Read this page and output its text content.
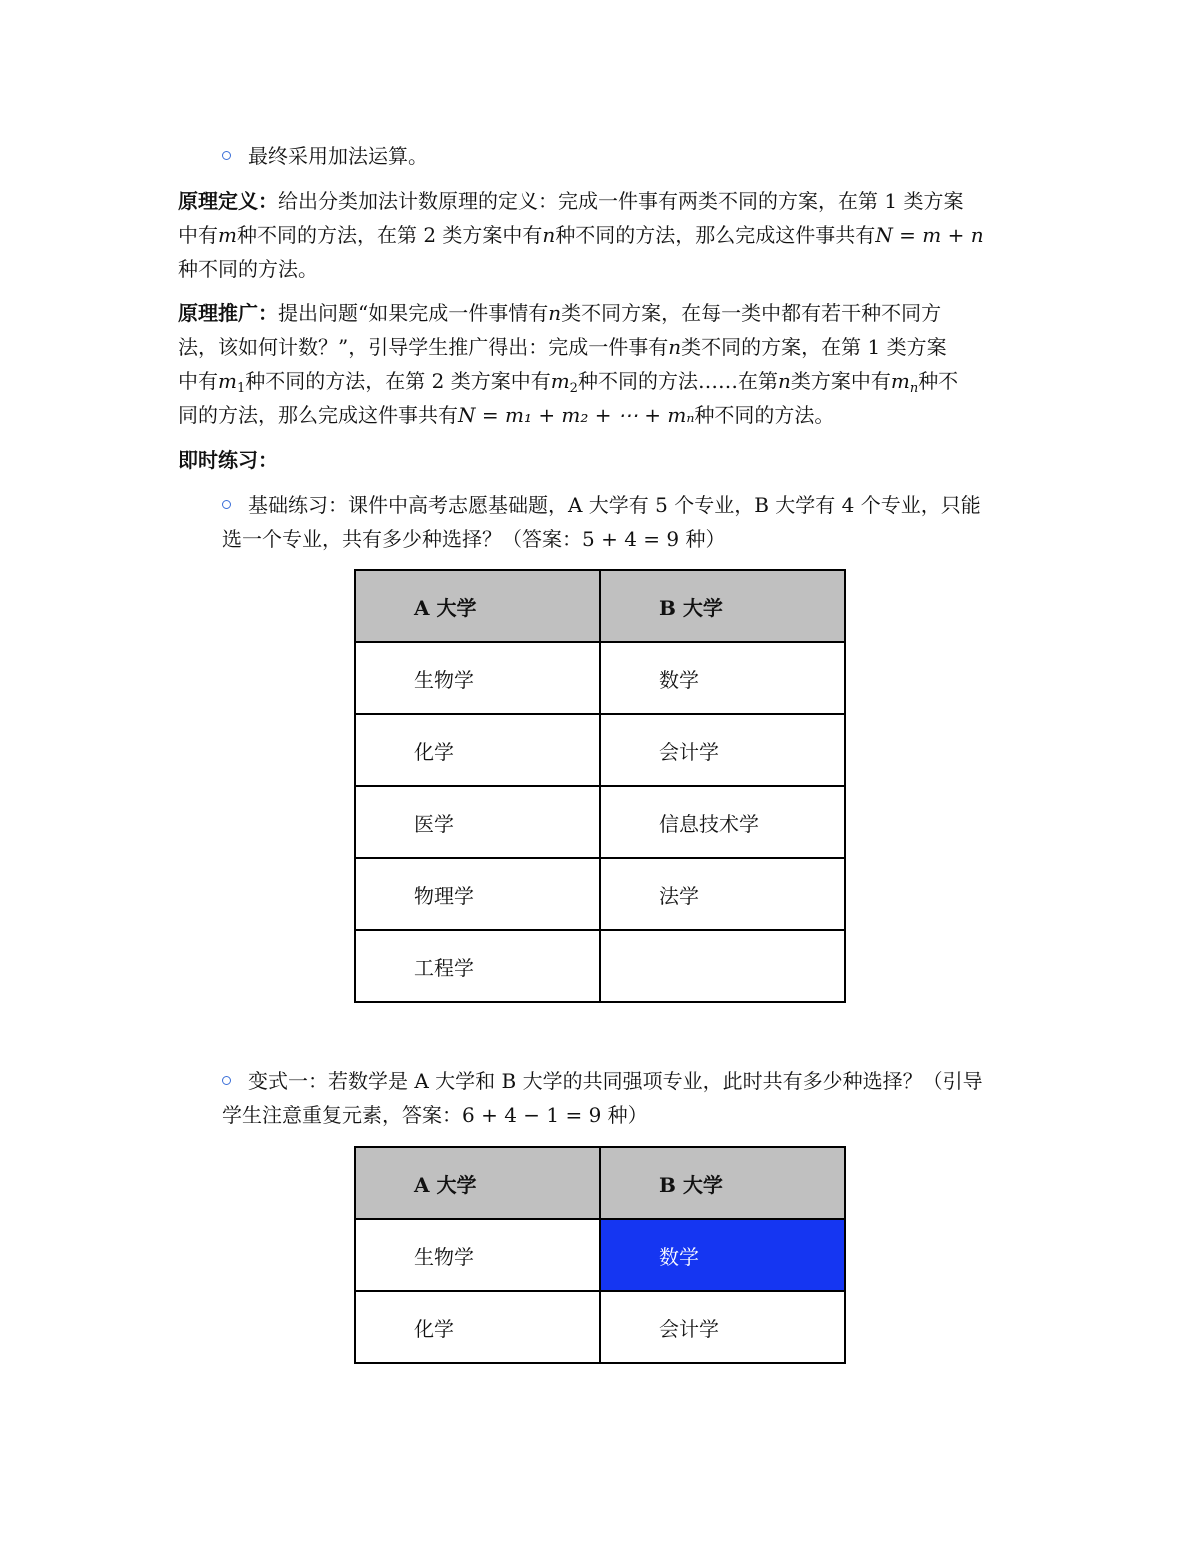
最终采用加法运算。
原理定义：给出分类加法计数原理的定义：完成一件事有两类不同的方案，在第 1 类方案
中有m种不同的方法，在第 2 类方案中有n种不同的方法，那么完成这件事共有N = m + n
种不同的方法。
原理推广：提出问题“如果完成一件事情有n类不同方案，在每一类中都有若干种不同方
法，该如何计数？”，引导学生推广得出：完成一件事有n类不同的方案，在第 1 类方案
中有$m_1$种不同的方法，在第 2 类方案中有$m_2$种不同的方法……在第n类方案中有$m_n$种不
同的方法，那么完成这件事共有N = m₁ + m₂ + ⋯ + mₙ种不同的方法。
即时练习：
基础练习：课件中高考志愿基础题，A 大学有 5 个专业，B 大学有 4 个专业，只能
选一个专业，共有多少种选择？（答案：5 + 4 = 9 种）
A 大学	B 大学
生物学	数学
化学	会计学
医学	信息技术学
物理学	法学
工程学	
变式一：若数学是 A 大学和 B 大学的共同强项专业，此时共有多少种选择？（引导
学生注意重复元素，答案：6 + 4 − 1 = 9 种）
A 大学	B 大学
生物学	数学
化学	会计学
